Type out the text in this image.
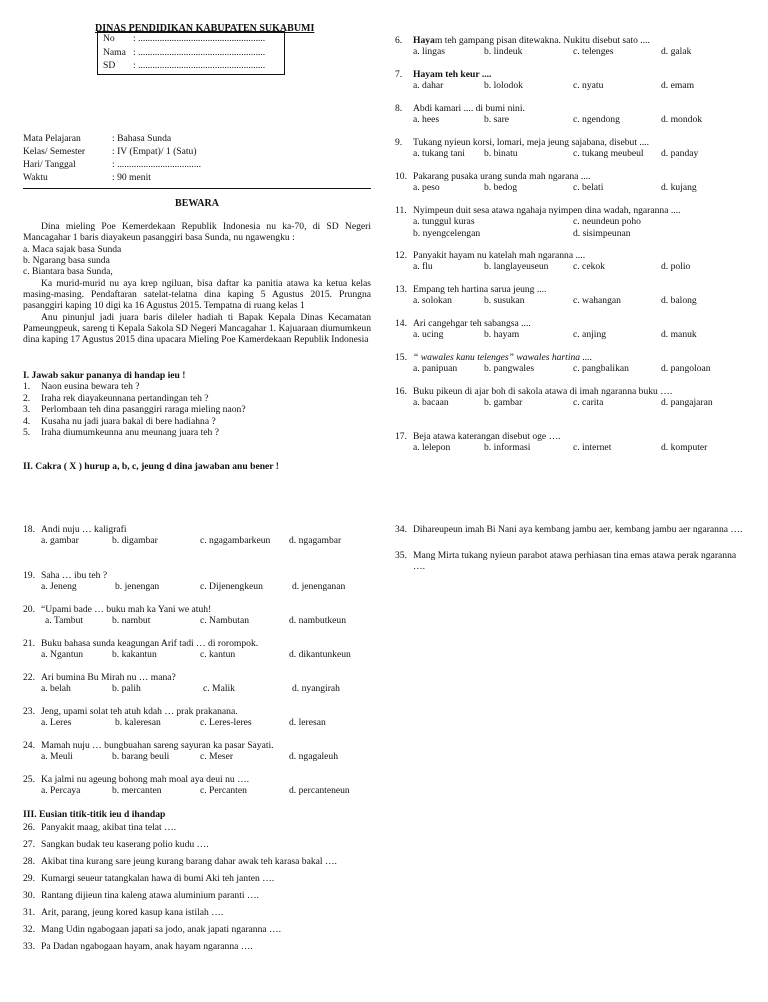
DINAS PENDIDIKAN KABUPATEN SUKABUMI
No	: .....................................................
Nama : .....................................................
SD	: .....................................................
Mata Pelajaran	: Bahasa Sunda
Kelas/ Semester	: IV (Empat)/ 1 (Satu)
Hari/ Tanggal	: ...................................
Waktu	: 90 menit
BEWARA

Dina mieling Poe Kemerdekaan Republik Indonesia nu ka-70, di SD Negeri Mancagahar 1 baris diayakeun pasanggiri basa Sunda, nu ngawengku :

a. Maca sajak basa Sunda

b. Ngarang basa sunda

c. Biantara basa Sunda,

Ka murid-murid nu aya krep ngiluan, bisa daftar ka panitia atawa ka ketua kelas masing-masing. Pendaftaran satelat-telatna dina kaping 5 Agustus 2015. Prungna pasanggiri kaping 10 digi ka 16 Agustus 2015. Tempatna di ruang kelas 1

Anu pinunjul jadi juara baris dileler hadiah ti Bapak Kepala Dinas Kecamatan Pameungpeuk, sareng ti Kepala Sakola SD Negeri Mancagahar 1. Kajuaraan diumumkeun dina kaping 17 Agustus 2015 dina upacara Mieling Poe Kamerdekaan Republik Indonesia

I. Jawab sakur pananya di handap ieu !
1.	Naon eusina bewara teh ?
2.	Iraha rek diayakeunnana pertandingan teh ?
3.	Perlombaan teh dina pasanggiri raraga mieling naon?
4.	Kusaha nu jadi juara bakal di bere hadiahna ?
5.	Iraha diumumkeunna anu meunang juara teh ?
II. Cakra ( X ) hurup a, b, c, jeung d dina jawaban anu bener !
6.	Hayam teh gampang pisan ditewakna. Nukitu disebut sato ....
a. lingas	b. lindeuk	c. telenges	d. galak
7.	Hayam teh keur ....
a. dahar	b. lolodok	c. nyatu	d. emam
8.	Abdi kamari .... di bumi nini.
a. hees	b. sare	c. ngendong	d. mondok
9.	Tukang nyieun korsi, lomari, meja jeung sajabana, disebut ....
a. tukang tani b. binatu	c. tukang meubeul d. panday
10. Pakarang pusaka urang sunda mah ngarana ....
a. peso	b. bedog	c. belati	d. kujang
11. Nyimpeun duit sesa atawa ngahaja nyimpen dina wadah, ngaranna ....
a. tunggul kuras	c. neundeun poho
b. nyengcelengan	d. sisimpeunan
12. Panyakit hayam nu katelah mah ngaranna ....
a. flu	b. langlayeuseun	c. cekok	d. polio
13. Empang teh hartina sarua jeung ....
a. solokan	b. susukan	c. wahangan	d. balong
14. Ari cangehgar teh sabangsa ....
a. ucing	b. hayam	c. anjing	d. manuk
15. “ wawales kanu telenges” wawales hartina ....
a. panipuan	b. pangwales	c. pangbalikan	d. pangoloan
16. Buku pikeun di ajar boh di sakola atawa di imah ngaranna buku ….
a. bacaan	b. gambar	c. carita	d. pangajaran
17. Beja atawa katerangan disebut oge ….
a. lelepon	b. informasi	c. internet	d. komputer
18. Andi nuju … kaligrafi
a. gambar	b. digambar	c. ngagambarkeun d. ngagambar
19. Saha … ibu teh ?
a. Jeneng	b. jenengan	c. Dijenengkeun	d. jenenganan
20. “Upami bade … buku mah ka Yani we atuh!
a. Tambut	b. nambut	c. Nambutan	d. nambutkeun
21. Buku bahasa sunda keagungan Arif tadi … di rorompok.
a. Ngantun	b. kakantun	c. kantun	d. dikantunkeun
22. Ari bumina Bu Mirah nu … mana?
a. belah	b. palih	c. Malik	d. nyangirah
23. Jeng, upami solat teh atuh kdah … prak prakanana.
a. Leres	b. kaleresan	c. Leres-leres	d. leresan
24. Mamah nuju … bungbuahan sareng sayuran ka pasar Sayati.
a. Meuli	b. barang beuli	c. Meser	d. ngagaleuh
25. Ka jalmi nu ageung bohong mah moal aya deui nu ….
a. Percaya	b. mercanten	c. Percanten	d. percanteneun
III. Eusian titik-titik ieu d ihandap
26. Panyakit maag, akibat tina telat ….
27. Sangkan budak teu kaserang polio kudu ….
28. Akibat tina kurang sare jeung kurang barang dahar awak teh karasa bakal ….
29. Kumargi seueur tatangkalan hawa di bumi Aki teh janten ….
30. Rantang dijieun tina kaleng atawa aluminium paranti ….
31. Arit, parang, jeung kored kasup kana istilah ….
32. Mang Udin ngabogaan japati sa jodo, anak japati ngaranna ….
33. Pa Dadan ngabogaan hayam, anak hayam ngaranna ….
34. Dihareupeun imah Bi Nani aya kembang jambu aer, kembang jambu aer ngaranna ….
35. Mang Mirta tukang nyieun parabot atawa perhiasan tina emas atawa perak ngaranna ….
